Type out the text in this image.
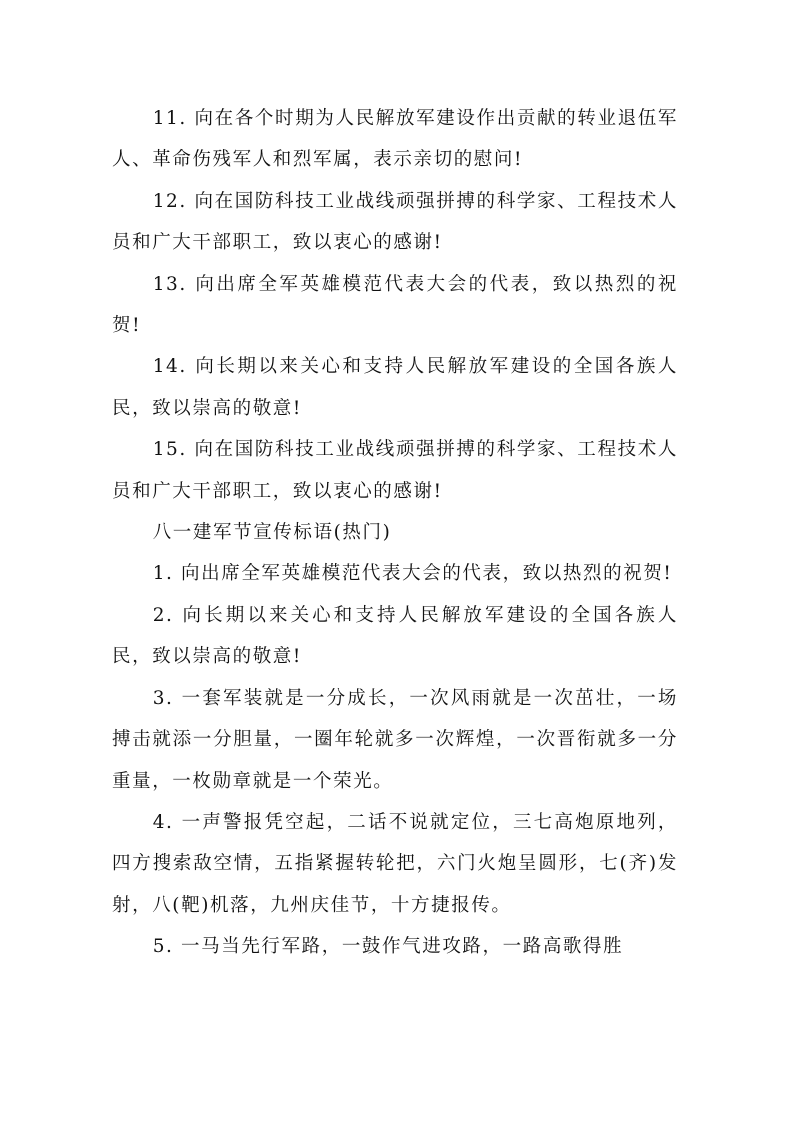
11. 向在各个时期为人民解放军建设作出贡献的转业退伍军人、革命伤残军人和烈军属，表示亲切的慰问!

12. 向在国防科技工业战线顽强拼搏的科学家、工程技术人员和广大干部职工，致以衷心的感谢!

13. 向出席全军英雄模范代表大会的代表，致以热烈的祝贺!

14. 向长期以来关心和支持人民解放军建设的全国各族人民，致以崇高的敬意!

15. 向在国防科技工业战线顽强拼搏的科学家、工程技术人员和广大干部职工，致以衷心的感谢!

八一建军节宣传标语(热门)

1. 向出席全军英雄模范代表大会的代表，致以热烈的祝贺!

2. 向长期以来关心和支持人民解放军建设的全国各族人民，致以崇高的敬意!

3. 一套军装就是一分成长，一次风雨就是一次茁壮，一场搏击就添一分胆量，一圈年轮就多一次辉煌，一次晋衔就多一分重量，一枚勋章就是一个荣光。

4. 一声警报凭空起，二话不说就定位，三七高炮原地列，四方搜索敌空情，五指紧握转轮把，六门火炮呈圆形，七(齐)发射，八(靶)机落，九州庆佳节，十方捷报传。

5. 一马当先行军路，一鼓作气进攻路，一路高歌得胜
